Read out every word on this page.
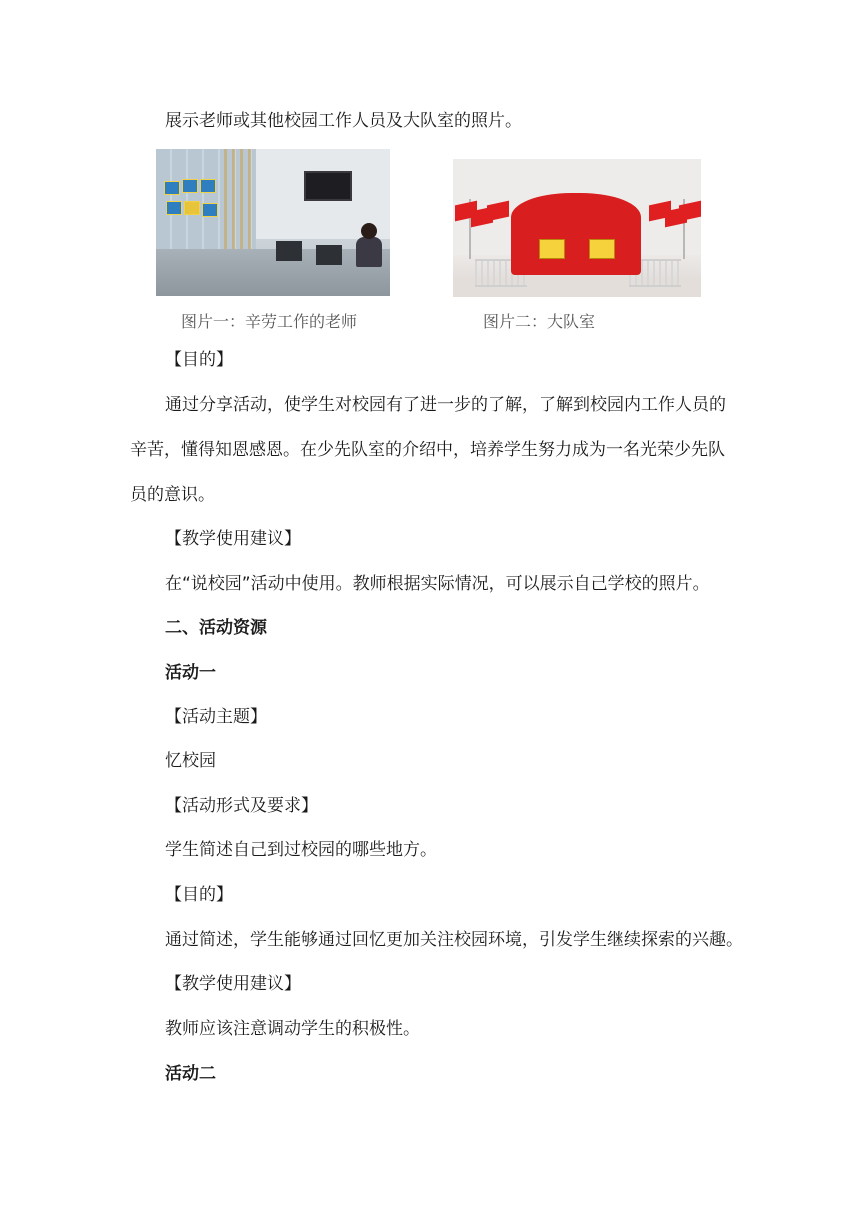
展示老师或其他校园工作人员及大队室的照片。
图片一：辛劳工作的老师	图片二：大队室
【目的】
通过分享活动，使学生对校园有了进一步的了解，了解到校园内工作人员的
辛苦，懂得知恩感恩。在少先队室的介绍中，培养学生努力成为一名光荣少先队
员的意识。
【教学使用建议】
在“说校园”活动中使用。教师根据实际情况，可以展示自己学校的照片。
二、活动资源
活动一
【活动主题】
忆校园
【活动形式及要求】
学生简述自己到过校园的哪些地方。
【目的】
通过简述，学生能够通过回忆更加关注校园环境，引发学生继续探索的兴趣。
【教学使用建议】
教师应该注意调动学生的积极性。
活动二
